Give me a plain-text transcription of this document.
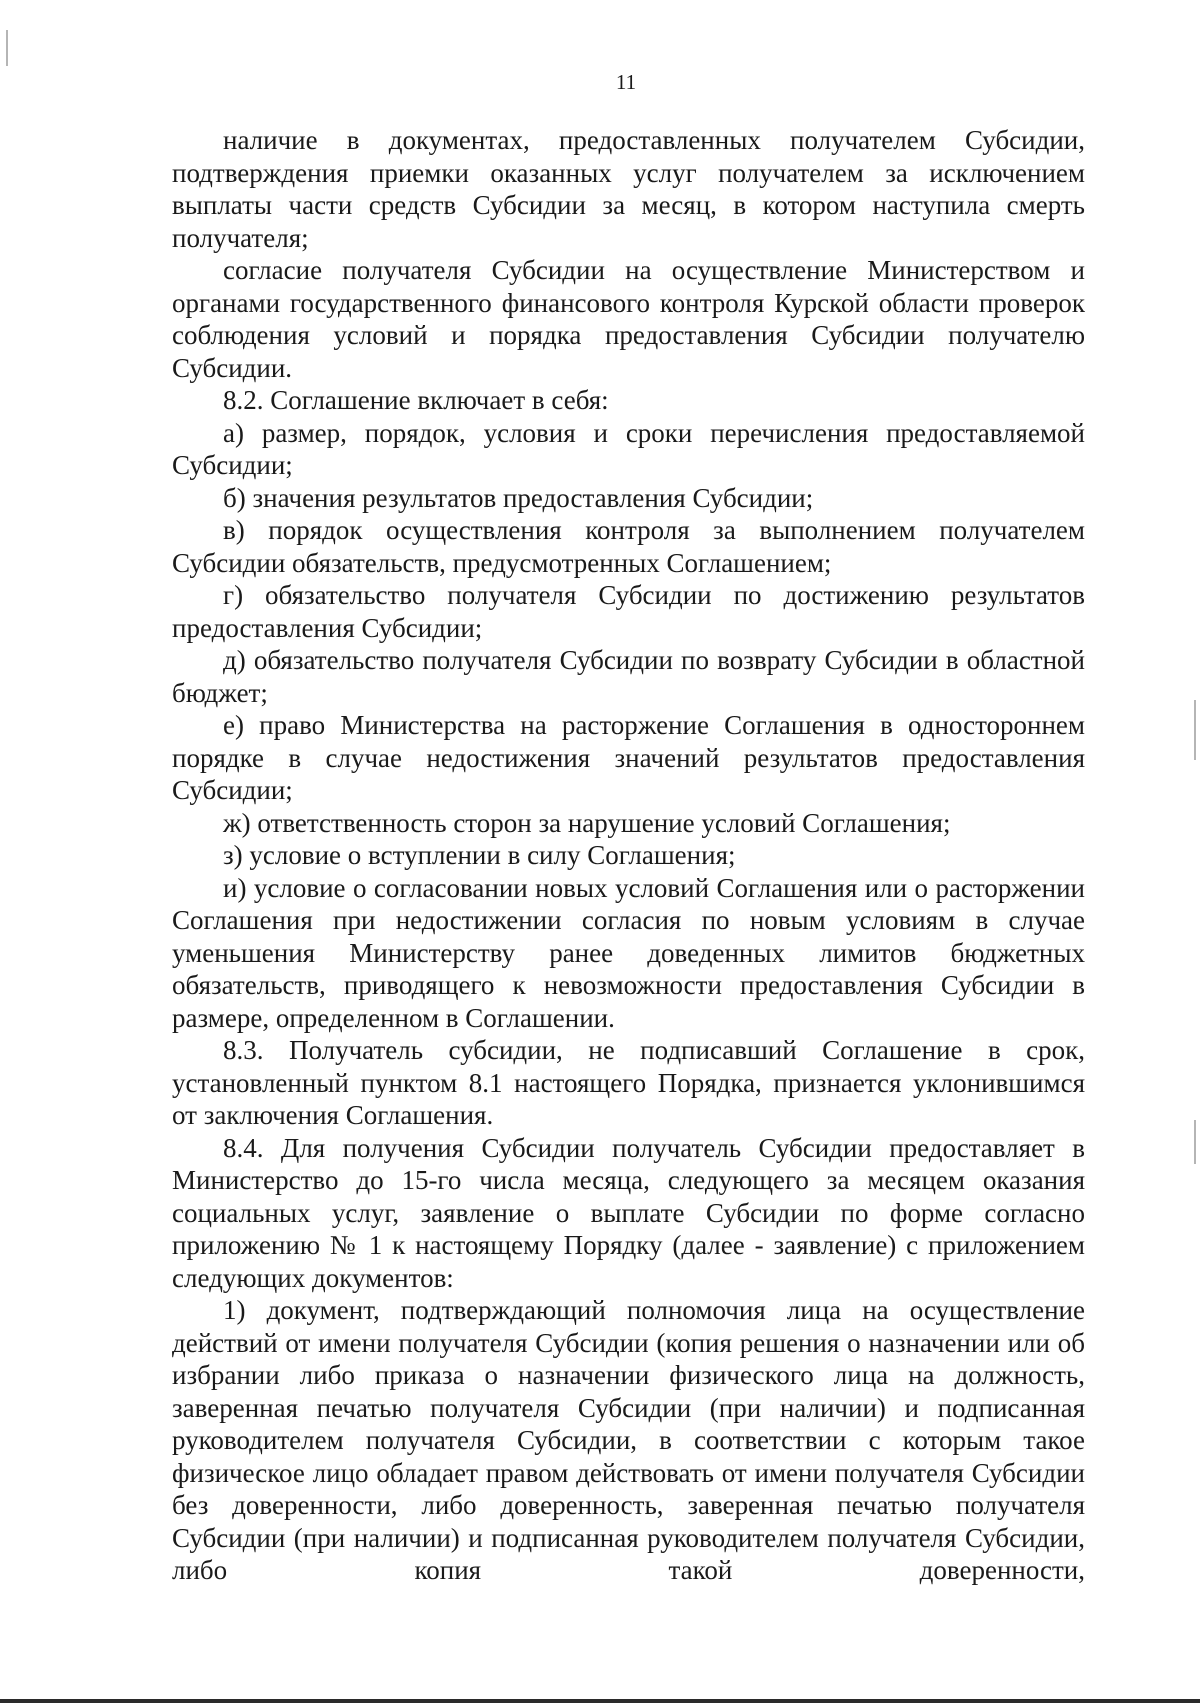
11

наличие в документах, предоставленных получателем Субсидии, подтверждения приемки оказанных услуг получателем за исключением выплаты части средств Субсидии за месяц, в котором наступила смерть получателя;

согласие получателя Субсидии на осуществление Министерством и органами государственного финансового контроля Курской области проверок соблюдения условий и порядка предоставления Субсидии получателю Субсидии.

8.2. Соглашение включает в себя:

а) размер, порядок, условия и сроки перечисления предоставляемой Субсидии;

б) значения результатов предоставления Субсидии;

в) порядок осуществления контроля за выполнением получателем Субсидии обязательств, предусмотренных Соглашением;

г) обязательство получателя Субсидии по достижению результатов предоставления Субсидии;

д) обязательство получателя Субсидии по возврату Субсидии в областной бюджет;

е) право Министерства на расторжение Соглашения в одностороннем порядке в случае недостижения значений результатов предоставления Субсидии;

ж) ответственность сторон за нарушение условий Соглашения;

з) условие о вступлении в силу Соглашения;

и) условие о согласовании новых условий Соглашения или о расторжении Соглашения при недостижении согласия по новым условиям в случае уменьшения Министерству ранее доведенных лимитов бюджетных обязательств, приводящего к невозможности предоставления Субсидии в размере, определенном в Соглашении.

8.3. Получатель субсидии, не подписавший Соглашение в срок, установленный пунктом 8.1 настоящего Порядка, признается уклонившимся от заключения Соглашения.

8.4. Для получения Субсидии получатель Субсидии предоставляет в Министерство до 15-го числа месяца, следующего за месяцем оказания социальных услуг, заявление о выплате Субсидии по форме согласно приложению № 1 к настоящему Порядку (далее - заявление) с приложением следующих документов:

1) документ, подтверждающий полномочия лица на осуществление действий от имени получателя Субсидии (копия решения о назначении или об избрании либо приказа о назначении физического лица на должность, заверенная печатью получателя Субсидии (при наличии) и подписанная руководителем получателя Субсидии, в соответствии с которым такое физическое лицо обладает правом действовать от имени получателя Субсидии без доверенности, либо доверенность, заверенная печатью получателя Субсидии (при наличии) и подписанная руководителем получателя Субсидии, либо копия такой доверенности,
